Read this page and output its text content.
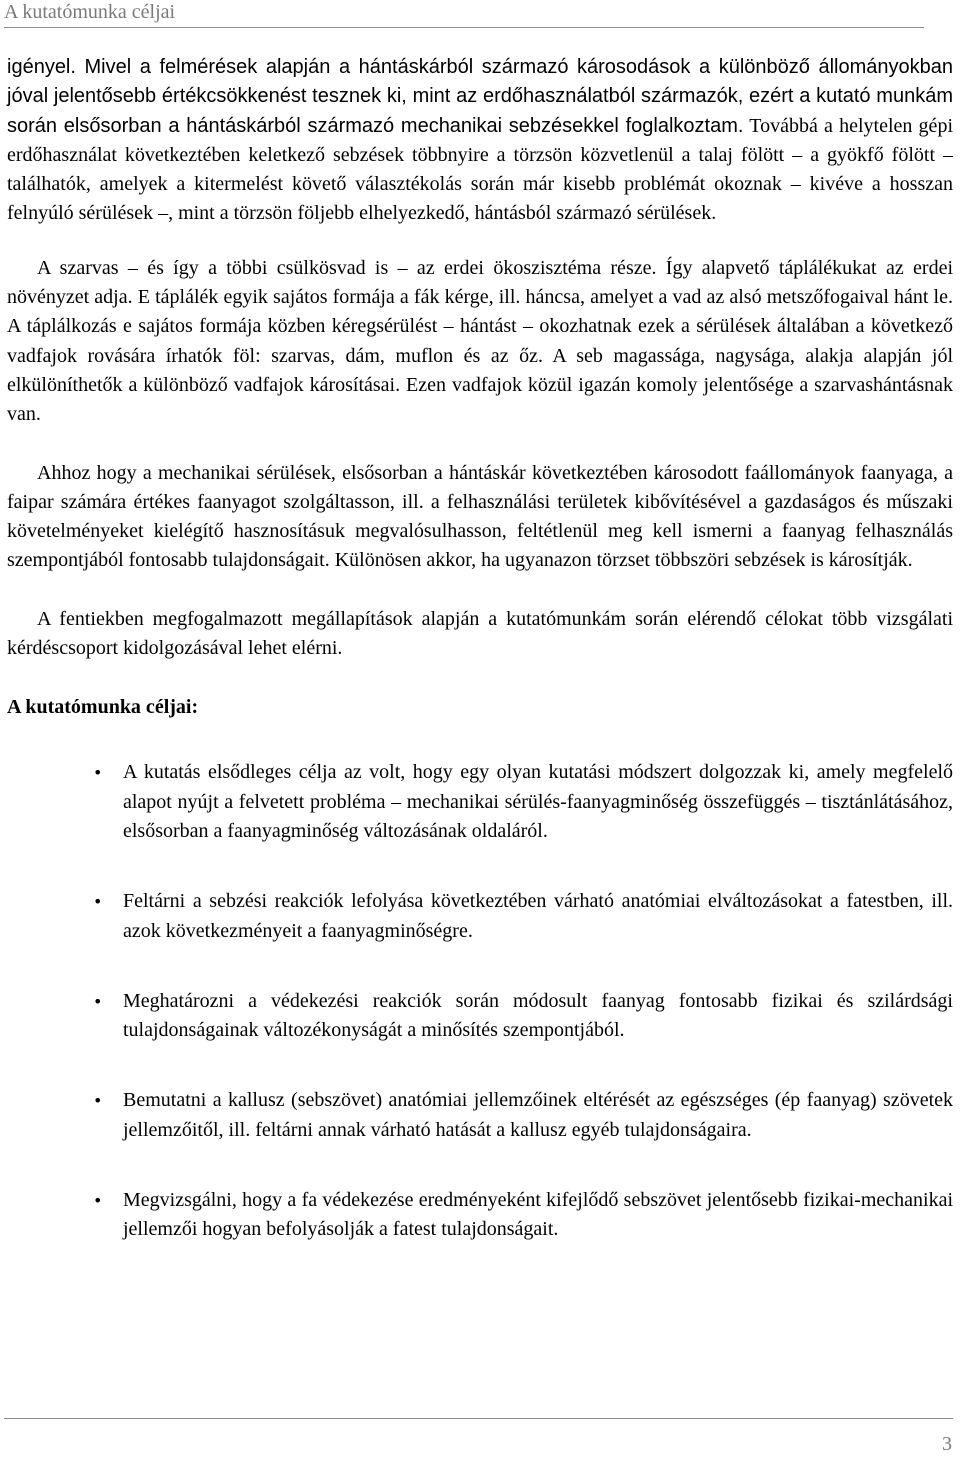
A kutatómunka céljai

igényel. Mivel a felmérések alapján a hántáskárból származó károsodások a különböző állományokban jóval jelentősebb értékcsökkenést tesznek ki, mint az erdőhasználatból származók, ezért a kutató munkám során elsősorban a hántáskárból származó mechanikai sebzésekkel foglalkoztam. Továbbá a helytelen gépi erdőhasználat következtében keletkező sebzések többnyire a törzsön közvetlenül a talaj fölött – a gyökfő fölött – találhatók, amelyek a kitermelést követő választékolás során már kisebb problémát okoznak – kivéve a hosszan felnyúló sérülések –, mint a törzsön följebb elhelyezkedő, hántásból származó sérülések.

A szarvas – és így a többi csülkösvad is – az erdei ökoszisztéma része. Így alapvető táplálékukat az erdei növényzet adja. E táplálék egyik sajátos formája a fák kérge, ill. háncsa, amelyet a vad az alsó metszőfogaival hánt le. A táplálkozás e sajátos formája közben kéregsérülést – hántást – okozhatnak ezek a sérülések általában a következő vadfajok rovására írhatók föl: szarvas, dám, muflon és az őz. A seb magassága, nagysága, alakja alapján jól elkülöníthetők a különböző vadfajok károsításai. Ezen vadfajok közül igazán komoly jelentősége a szarvashántásnak van.

Ahhoz hogy a mechanikai sérülések, elsősorban a hántáskár következtében károsodott faállományok faanyaga, a faipar számára értékes faanyagot szolgáltasson, ill. a felhasználási területek kibővítésével a gazdaságos és műszaki követelményeket kielégítő hasznosításuk megvalósulhasson, feltétlenül meg kell ismerni a faanyag felhasználás szempontjából fontosabb tulajdonságait. Különösen akkor, ha ugyanazon törzset többszöri sebzések is károsítják.

A fentiekben megfogalmazott megállapítások alapján a kutatómunkám során elérendő célokat több vizsgálati kérdéscsoport kidolgozásával lehet elérni.

A kutatómunka céljai:
• A kutatás elsődleges célja az volt, hogy egy olyan kutatási módszert dolgozzak ki, amely megfelelő alapot nyújt a felvetett probléma – mechanikai sérülés-faanyagminőség összefüggés – tisztánlátásához, elsősorban a faanyagminőség változásának oldaláról.
• Feltárni a sebzési reakciók lefolyása következtében várható anatómiai elváltozásokat a fatestben, ill. azok következményeit a faanyagminőségre.
• Meghatározni a védekezési reakciók során módosult faanyag fontosabb fizikai és szilárdsági tulajdonságainak változékonyságát a minősítés szempontjából.
• Bemutatni a kallusz (sebszövet) anatómiai jellemzőinek eltérését az egészséges (ép faanyag) szövetek jellemzőitől, ill. feltárni annak várható hatását a kallusz egyéb tulajdonságaira.
• Megvizsgálni, hogy a fa védekezése eredményeként kifejlődő sebszövet jelentősebb fizikai-mechanikai jellemzői hogyan befolyásolják a fatest tulajdonságait.
3
